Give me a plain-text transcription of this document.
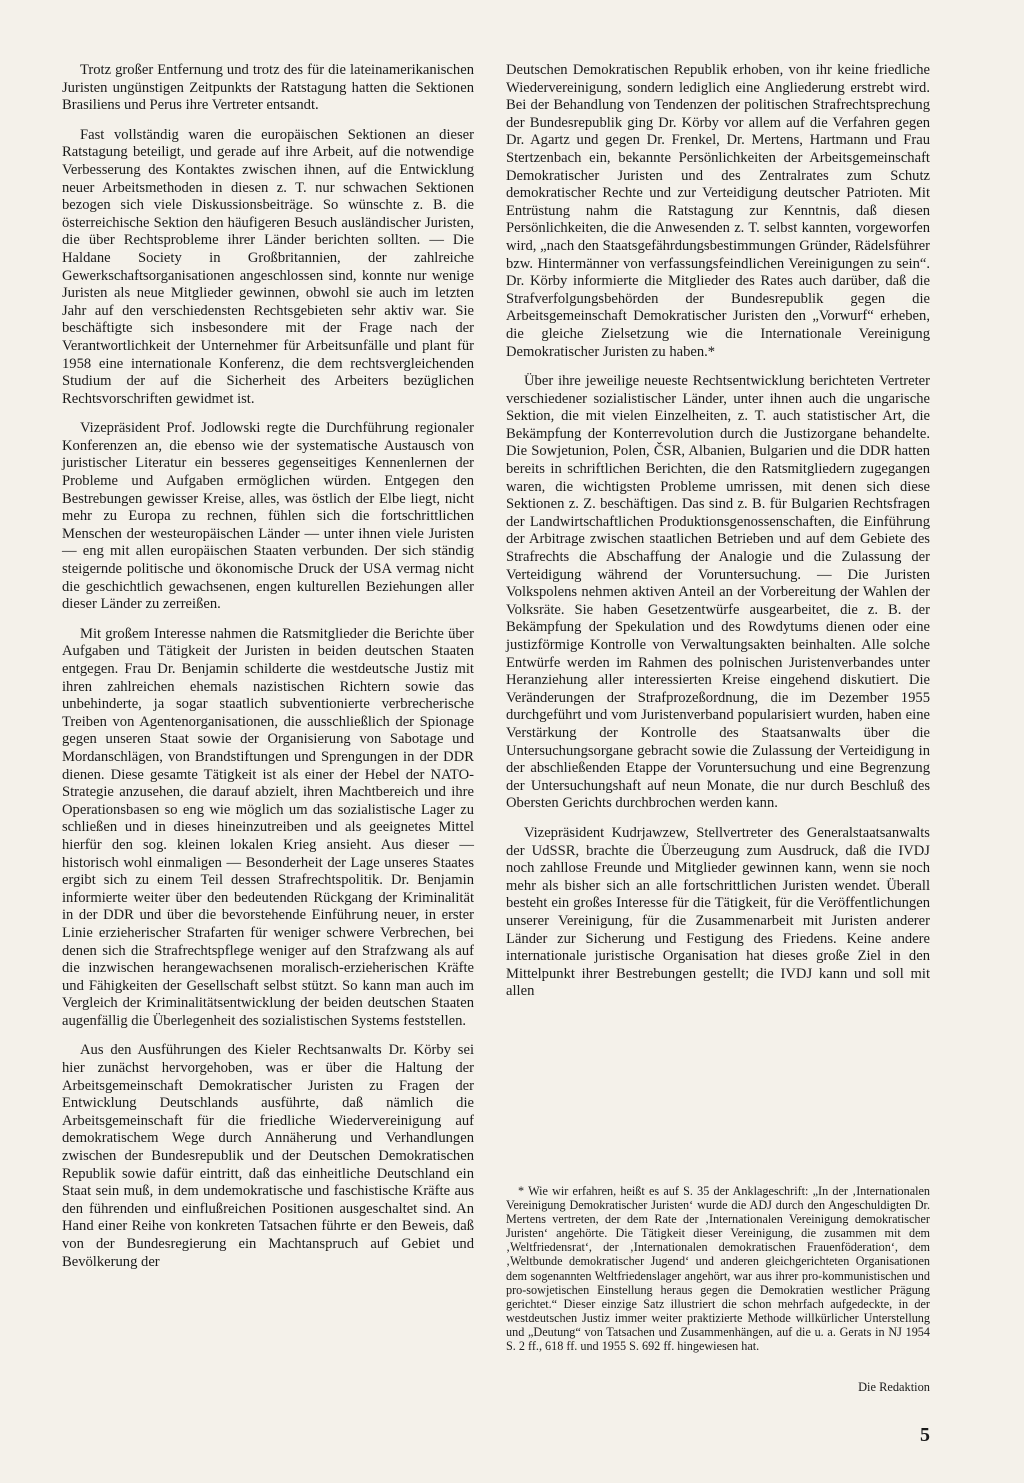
Trotz großer Entfernung und trotz des für die lateinamerikanischen Juristen ungünstigen Zeitpunkts der Ratstagung hatten die Sektionen Brasiliens und Perus ihre Vertreter entsandt.

Fast vollständig waren die europäischen Sektionen an dieser Ratstagung beteiligt, und gerade auf ihre Arbeit, auf die notwendige Verbesserung des Kontaktes zwischen ihnen, auf die Entwicklung neuer Arbeitsmethoden in diesen z. T. nur schwachen Sektionen bezogen sich viele Diskussionsbeiträge. So wünschte z. B. die österreichische Sektion den häufigeren Besuch ausländischer Juristen, die über Rechtsprobleme ihrer Länder berichten sollten. — Die Haldane Society in Großbritannien, der zahlreiche Gewerkschaftsorganisationen angeschlossen sind, konnte nur wenige Juristen als neue Mitglieder gewinnen, obwohl sie auch im letzten Jahr auf den verschiedensten Rechtsgebieten sehr aktiv war. Sie beschäftigte sich insbesondere mit der Frage nach der Verantwortlichkeit der Unternehmer für Arbeitsunfälle und plant für 1958 eine internationale Konferenz, die dem rechtsvergleichenden Studium der auf die Sicherheit des Arbeiters bezüglichen Rechtsvorschriften gewidmet ist.

Vizepräsident Prof. Jodlowski regte die Durchführung regionaler Konferenzen an, die ebenso wie der systematische Austausch von juristischer Literatur ein besseres gegenseitiges Kennenlernen der Probleme und Aufgaben ermöglichen würden. Entgegen den Bestrebungen gewisser Kreise, alles, was östlich der Elbe liegt, nicht mehr zu Europa zu rechnen, fühlen sich die fortschrittlichen Menschen der westeuropäischen Länder — unter ihnen viele Juristen — eng mit allen europäischen Staaten verbunden. Der sich ständig steigernde politische und ökonomische Druck der USA vermag nicht die geschichtlich gewachsenen, engen kulturellen Beziehungen aller dieser Länder zu zerreißen.

Mit großem Interesse nahmen die Ratsmitglieder die Berichte über Aufgaben und Tätigkeit der Juristen in beiden deutschen Staaten entgegen. Frau Dr. Benjamin schilderte die westdeutsche Justiz mit ihren zahlreichen ehemals nazistischen Richtern sowie das unbehinderte, ja sogar staatlich subventionierte verbrecherische Treiben von Agentenorganisationen, die ausschließlich der Spionage gegen unseren Staat sowie der Organisierung von Sabotage und Mordanschlägen, von Brandstiftungen und Sprengungen in der DDR dienen. Diese gesamte Tätigkeit ist als einer der Hebel der NATO-Strategie anzusehen, die darauf abzielt, ihren Machtbereich und ihre Operationsbasen so eng wie möglich um das sozialistische Lager zu schließen und in dieses hineinzutreiben und als geeignetes Mittel hierfür den sog. kleinen lokalen Krieg ansieht. Aus dieser — historisch wohl einmaligen — Besonderheit der Lage unseres Staates ergibt sich zu einem Teil dessen Strafrechtspolitik. Dr. Benjamin informierte weiter über den bedeutenden Rückgang der Kriminalität in der DDR und über die bevorstehende Einführung neuer, in erster Linie erzieherischer Strafarten für weniger schwere Verbrechen, bei denen sich die Strafrechtspflege weniger auf den Strafzwang als auf die inzwischen herangewachsenen moralisch-erzieherischen Kräfte und Fähigkeiten der Gesellschaft selbst stützt. So kann man auch im Vergleich der Kriminalitätsentwicklung der beiden deutschen Staaten augenfällig die Überlegenheit des sozialistischen Systems feststellen.

Aus den Ausführungen des Kieler Rechtsanwalts Dr. Körby sei hier zunächst hervorgehoben, was er über die Haltung der Arbeitsgemeinschaft Demokratischer Juristen zu Fragen der Entwicklung Deutschlands ausführte, daß nämlich die Arbeitsgemeinschaft für die friedliche Wiedervereinigung auf demokratischem Wege durch Annäherung und Verhandlungen zwischen der Bundesrepublik und der Deutschen Demokratischen Republik sowie dafür eintritt, daß das einheitliche Deutschland ein Staat sein muß, in dem undemokratische und faschistische Kräfte aus den führenden und einflußreichen Positionen ausgeschaltet sind. An Hand einer Reihe von konkreten Tatsachen führte er den Beweis, daß von der Bundesregierung ein Machtanspruch auf Gebiet und Bevölkerung der

Deutschen Demokratischen Republik erhoben, von ihr keine friedliche Wiedervereinigung, sondern lediglich eine Angliederung erstrebt wird. Bei der Behandlung von Tendenzen der politischen Strafrechtsprechung der Bundesrepublik ging Dr. Körby vor allem auf die Verfahren gegen Dr. Agartz und gegen Dr. Frenkel, Dr. Mertens, Hartmann und Frau Stertzenbach ein, bekannte Persönlichkeiten der Arbeitsgemeinschaft Demokratischer Juristen und des Zentralrates zum Schutz demokratischer Rechte und zur Verteidigung deutscher Patrioten. Mit Entrüstung nahm die Ratstagung zur Kenntnis, daß diesen Persönlichkeiten, die die Anwesenden z. T. selbst kannten, vorgeworfen wird, „nach den Staatsgefährdungsbestimmungen Gründer, Rädelsführer bzw. Hintermänner von verfassungsfeindlichen Vereinigungen zu sein“. Dr. Körby informierte die Mitglieder des Rates auch darüber, daß die Strafverfolgungsbehörden der Bundesrepublik gegen die Arbeitsgemeinschaft Demokratischer Juristen den „Vorwurf“ erheben, die gleiche Zielsetzung wie die Internationale Vereinigung Demokratischer Juristen zu haben.*

Über ihre jeweilige neueste Rechtsentwicklung berichteten Vertreter verschiedener sozialistischer Länder, unter ihnen auch die ungarische Sektion, die mit vielen Einzelheiten, z. T. auch statistischer Art, die Bekämpfung der Konterrevolution durch die Justizorgane behandelte. Die Sowjetunion, Polen, ČSR, Albanien, Bulgarien und die DDR hatten bereits in schriftlichen Berichten, die den Ratsmitgliedern zugegangen waren, die wichtigsten Probleme umrissen, mit denen sich diese Sektionen z. Z. beschäftigen. Das sind z. B. für Bulgarien Rechtsfragen der Landwirtschaftlichen Produktionsgenossenschaften, die Einführung der Arbitrage zwischen staatlichen Betrieben und auf dem Gebiete des Strafrechts die Abschaffung der Analogie und die Zulassung der Verteidigung während der Voruntersuchung. — Die Juristen Volkspolens nehmen aktiven Anteil an der Vorbereitung der Wahlen der Volksräte. Sie haben Gesetzentwürfe ausgearbeitet, die z. B. der Bekämpfung der Spekulation und des Rowdytums dienen oder eine justizförmige Kontrolle von Verwaltungsakten beinhalten. Alle solche Entwürfe werden im Rahmen des polnischen Juristenverbandes unter Heranziehung aller interessierten Kreise eingehend diskutiert. Die Veränderungen der Strafprozeßordnung, die im Dezember 1955 durchgeführt und vom Juristenverband popularisiert wurden, haben eine Verstärkung der Kontrolle des Staatsanwalts über die Untersuchungsorgane gebracht sowie die Zulassung der Verteidigung in der abschließenden Etappe der Voruntersuchung und eine Begrenzung der Untersuchungshaft auf neun Monate, die nur durch Beschluß des Obersten Gerichts durchbrochen werden kann.

Vizepräsident Kudrjawzew, Stellvertreter des Generalstaatsanwalts der UdSSR, brachte die Überzeugung zum Ausdruck, daß die IVDJ noch zahllose Freunde und Mitglieder gewinnen kann, wenn sie noch mehr als bisher sich an alle fortschrittlichen Juristen wendet. Überall besteht ein großes Interesse für die Tätigkeit, für die Veröffentlichungen unserer Vereinigung, für die Zusammenarbeit mit Juristen anderer Länder zur Sicherung und Festigung des Friedens. Keine andere internationale juristische Organisation hat dieses große Ziel in den Mittelpunkt ihrer Bestrebungen gestellt; die IVDJ kann und soll mit allen

* Wie wir erfahren, heißt es auf S. 35 der Anklageschrift: „In der ‚Internationalen Vereinigung Demokratischer Juristen‘ wurde die ADJ durch den Angeschuldigten Dr. Mertens vertreten, der dem Rate der ‚Internationalen Vereinigung demokratischer Juristen‘ angehörte. Die Tätigkeit dieser Vereinigung, die zusammen mit dem ‚Weltfriedensrat‘, der ‚Internationalen demokratischen Frauenföderation‘, dem ‚Weltbunde demokratischer Jugend‘ und anderen gleichgerichteten Organisationen dem sogenannten Weltfriedenslager angehört, war aus ihrer pro-kommunistischen und pro-sowjetischen Einstellung heraus gegen die Demokratien westlicher Prägung gerichtet.“ Dieser einzige Satz illustriert die schon mehrfach aufgedeckte, in der westdeutschen Justiz immer weiter praktizierte Methode willkürlicher Unterstellung und „Deutung“ von Tatsachen und Zusammenhängen, auf die u. a. Gerats in NJ 1954 S. 2 ff., 618 ff. und 1955 S. 692 ff. hingewiesen hat.

Die Redaktion
5
